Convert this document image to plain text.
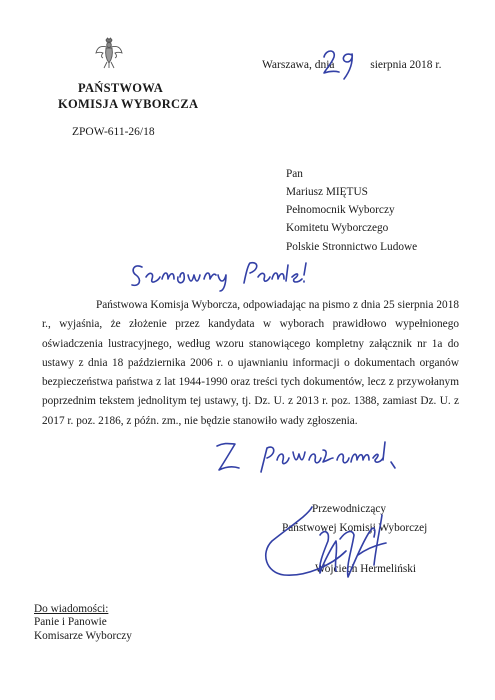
PAŃSTWOWA
KOMISJA WYBORCZA
ZPOW-611-26/18
Warszawa, dnia	sierpnia 2018 r.
Pan
Mariusz MIĘTUS
Pełnomocnik Wyborczy
Komitetu Wyborczego
Polskie Stronnictwo Ludowe

Państwowa Komisja Wyborcza, odpowiadając na pismo z dnia 25 sierpnia 2018 r., wyjaśnia, że złożenie przez kandydata w wyborach prawidłowo wypełnionego oświadczenia lustracyjnego, według wzoru stanowiącego kompletny załącznik nr 1a do ustawy z dnia 18 października 2006 r. o ujawnianiu informacji o dokumentach organów bezpieczeństwa państwa z lat 1944-1990 oraz treści tych dokumentów, lecz z przywołanym poprzednim tekstem jednolitym tej ustawy, tj. Dz. U. z 2013 r. poz. 1388, zamiast Dz. U. z 2017 r. poz. 2186, z późn. zm., nie będzie stanowiło wady zgłoszenia.

Przewodniczący
Państwowej Komisji Wyborczej
Wojciech Hermeliński
Do wiadomości:
Panie i Panowie
Komisarze Wyborczy
